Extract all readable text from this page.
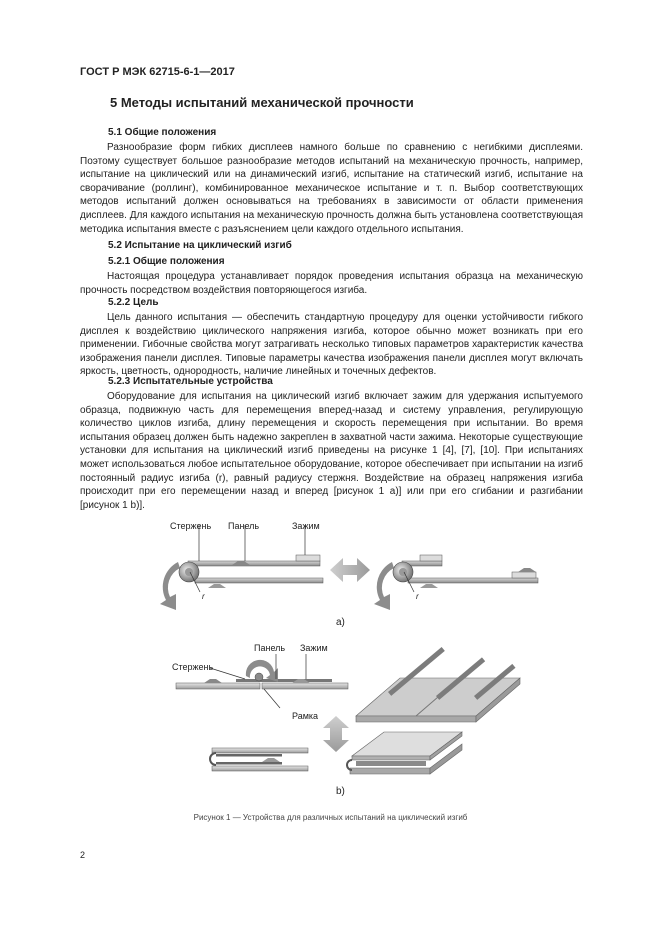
ГОСТ Р МЭК 62715-6-1—2017
5 Методы испытаний механической прочности
5.1 Общие положения

Разнообразие форм гибких дисплеев намного больше по сравнению с негибкими дисплеями. Поэтому существует большое разнообразие методов испытаний на механическую прочность, например, испытание на циклический или на динамический изгиб, испытание на статический изгиб, испытание на сворачивание (роллинг), комбинированное механическое испытание и т. п. Выбор соответствующих методов испытаний должен основываться на требованиях в зависимости от области применения дисплеев. Для каждого испытания на механическую прочность должна быть установлена соответствующая методика испытания вместе с разъяснением цели каждого отдельного испытания.

5.2 Испытание на циклический изгиб
5.2.1 Общие положения

Настоящая процедура устанавливает порядок проведения испытания образца на механическую прочность посредством воздействия повторяющегося изгиба.

5.2.2 Цель

Цель данного испытания — обеспечить стандартную процедуру для оценки устойчивости гибкого дисплея к воздействию циклического напряжения изгиба, которое обычно может возникать при его применении. Гибочные свойства могут затрагивать несколько типовых параметров характеристик качества изображения панели дисплея. Типовые параметры качества изображения панели дисплея могут включать яркость, цветность, однородность, наличие линейных и точечных дефектов.

5.2.3 Испытательные устройства

Оборудование для испытания на циклический изгиб включает зажим для удержания испытуемого образца, подвижную часть для перемещения вперед-назад и систему управления, регулирующую количество циклов изгиба, длину перемещения и скорость перемещения при испытании. Во время испытания образец должен быть надежно закреплен в захватной части зажима. Некоторые существующие установки для испытания на циклический изгиб приведены на рисунке 1 [4], [7], [10]. При испытаниях может использоваться любое испытательное оборудование, которое обеспечивает при испытании на изгиб постоянный радиус изгиба (r), равный радиусу стержня. Воздействие на образец напряжения изгиба происходит при его перемещении назад и вперед [рисунок 1 a)] или при его сгибании и разгибании [рисунок 1 b)].

Стержень Панель	Зажим
r	r
a)
Панель Зажим
Стержень
Рамка
b)
Рисунок 1 — Устройства для различных испытаний на циклический изгиб
2
